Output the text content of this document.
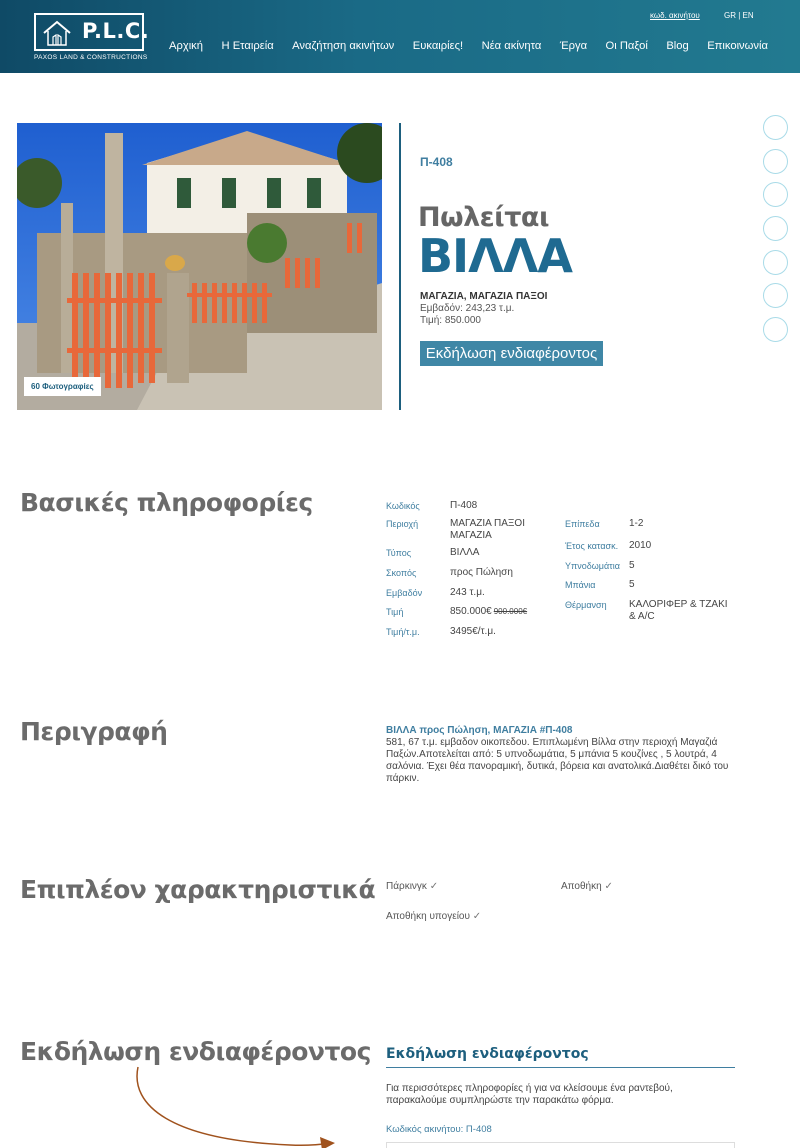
P.L.C.
PAXOS LAND & CONSTRUCTIONS
κωδ. ακινήτου	GR | EN
Αρχική Η Εταιρεία Αναζήτηση ακινήτων Ευκαιρίες! Νέα ακίνητα Έργα Οι Παξοί Blog Επικοινωνία
60 Φωτογραφίες
Π-408
Πωλείται
ΒΙΛΛΑ
ΜΑΓΑΖΙΑ, ΜΑΓΑΖΙΑ ΠΑΞΟΙ
Εμβαδόν: 243,23 τ.μ.
Τιμή: 850.000
Εκδήλωση ενδιαφέροντος
Βασικές πληροφορίες	Κωδικός	Π-408
Περιοχή	ΜΑΓΑΖΙΑ ΠΑΞΟΙ
ΜΑΓΑΖΙΑ
Τύπος	ΒΙΛΛΑ
Σκοπός	προς Πώληση
Εμβαδόν	243 τ.μ.
Τιμή	850.000€ 900.000€
Τιμή/τ.μ.	3495€/τ.μ.
Επίπεδα	1-2
Έτος κατασκ. 2010
Υπνοδωμάτια 5
Μπάνια	5
Θέρμανση ΚΑΛΟΡΙΦΕΡ & ΤΖΑΚΙ
& A/C
Περιγραφή	ΒΙΛΛΑ προς Πώληση, ΜΑΓΑΖΙΑ #Π-408
581, 67 τ.μ. εμβαδον οικοπεδου. Επιπλωμένη Βίλλα στην περιοχή Μαγαζιά Παξών.Αποτελείται από: 5 υπνοδωμάτια, 5 μπάνια 5 κουζίνες , 5 λουτρά, 4 σαλόνια. Έχει θέα πανοραμική, δυτικά, βόρεια και ανατολικά.Διαθέτει δικό του πάρκιν.
Επιπλέον χαρακτηριστικά Πάρκινγκ ✓	Αποθήκη ✓
Αποθήκη υπογείου ✓
Εκδήλωση ενδιαφέροντος Εκδήλωση ενδιαφέροντος
Για περισσότερες πληροφορίες ή για να κλείσουμε ένα ραντεβού, παρακαλούμε συμπληρώστε την παρακάτω φόρμα.
Κωδικός ακινήτου: Π-408
